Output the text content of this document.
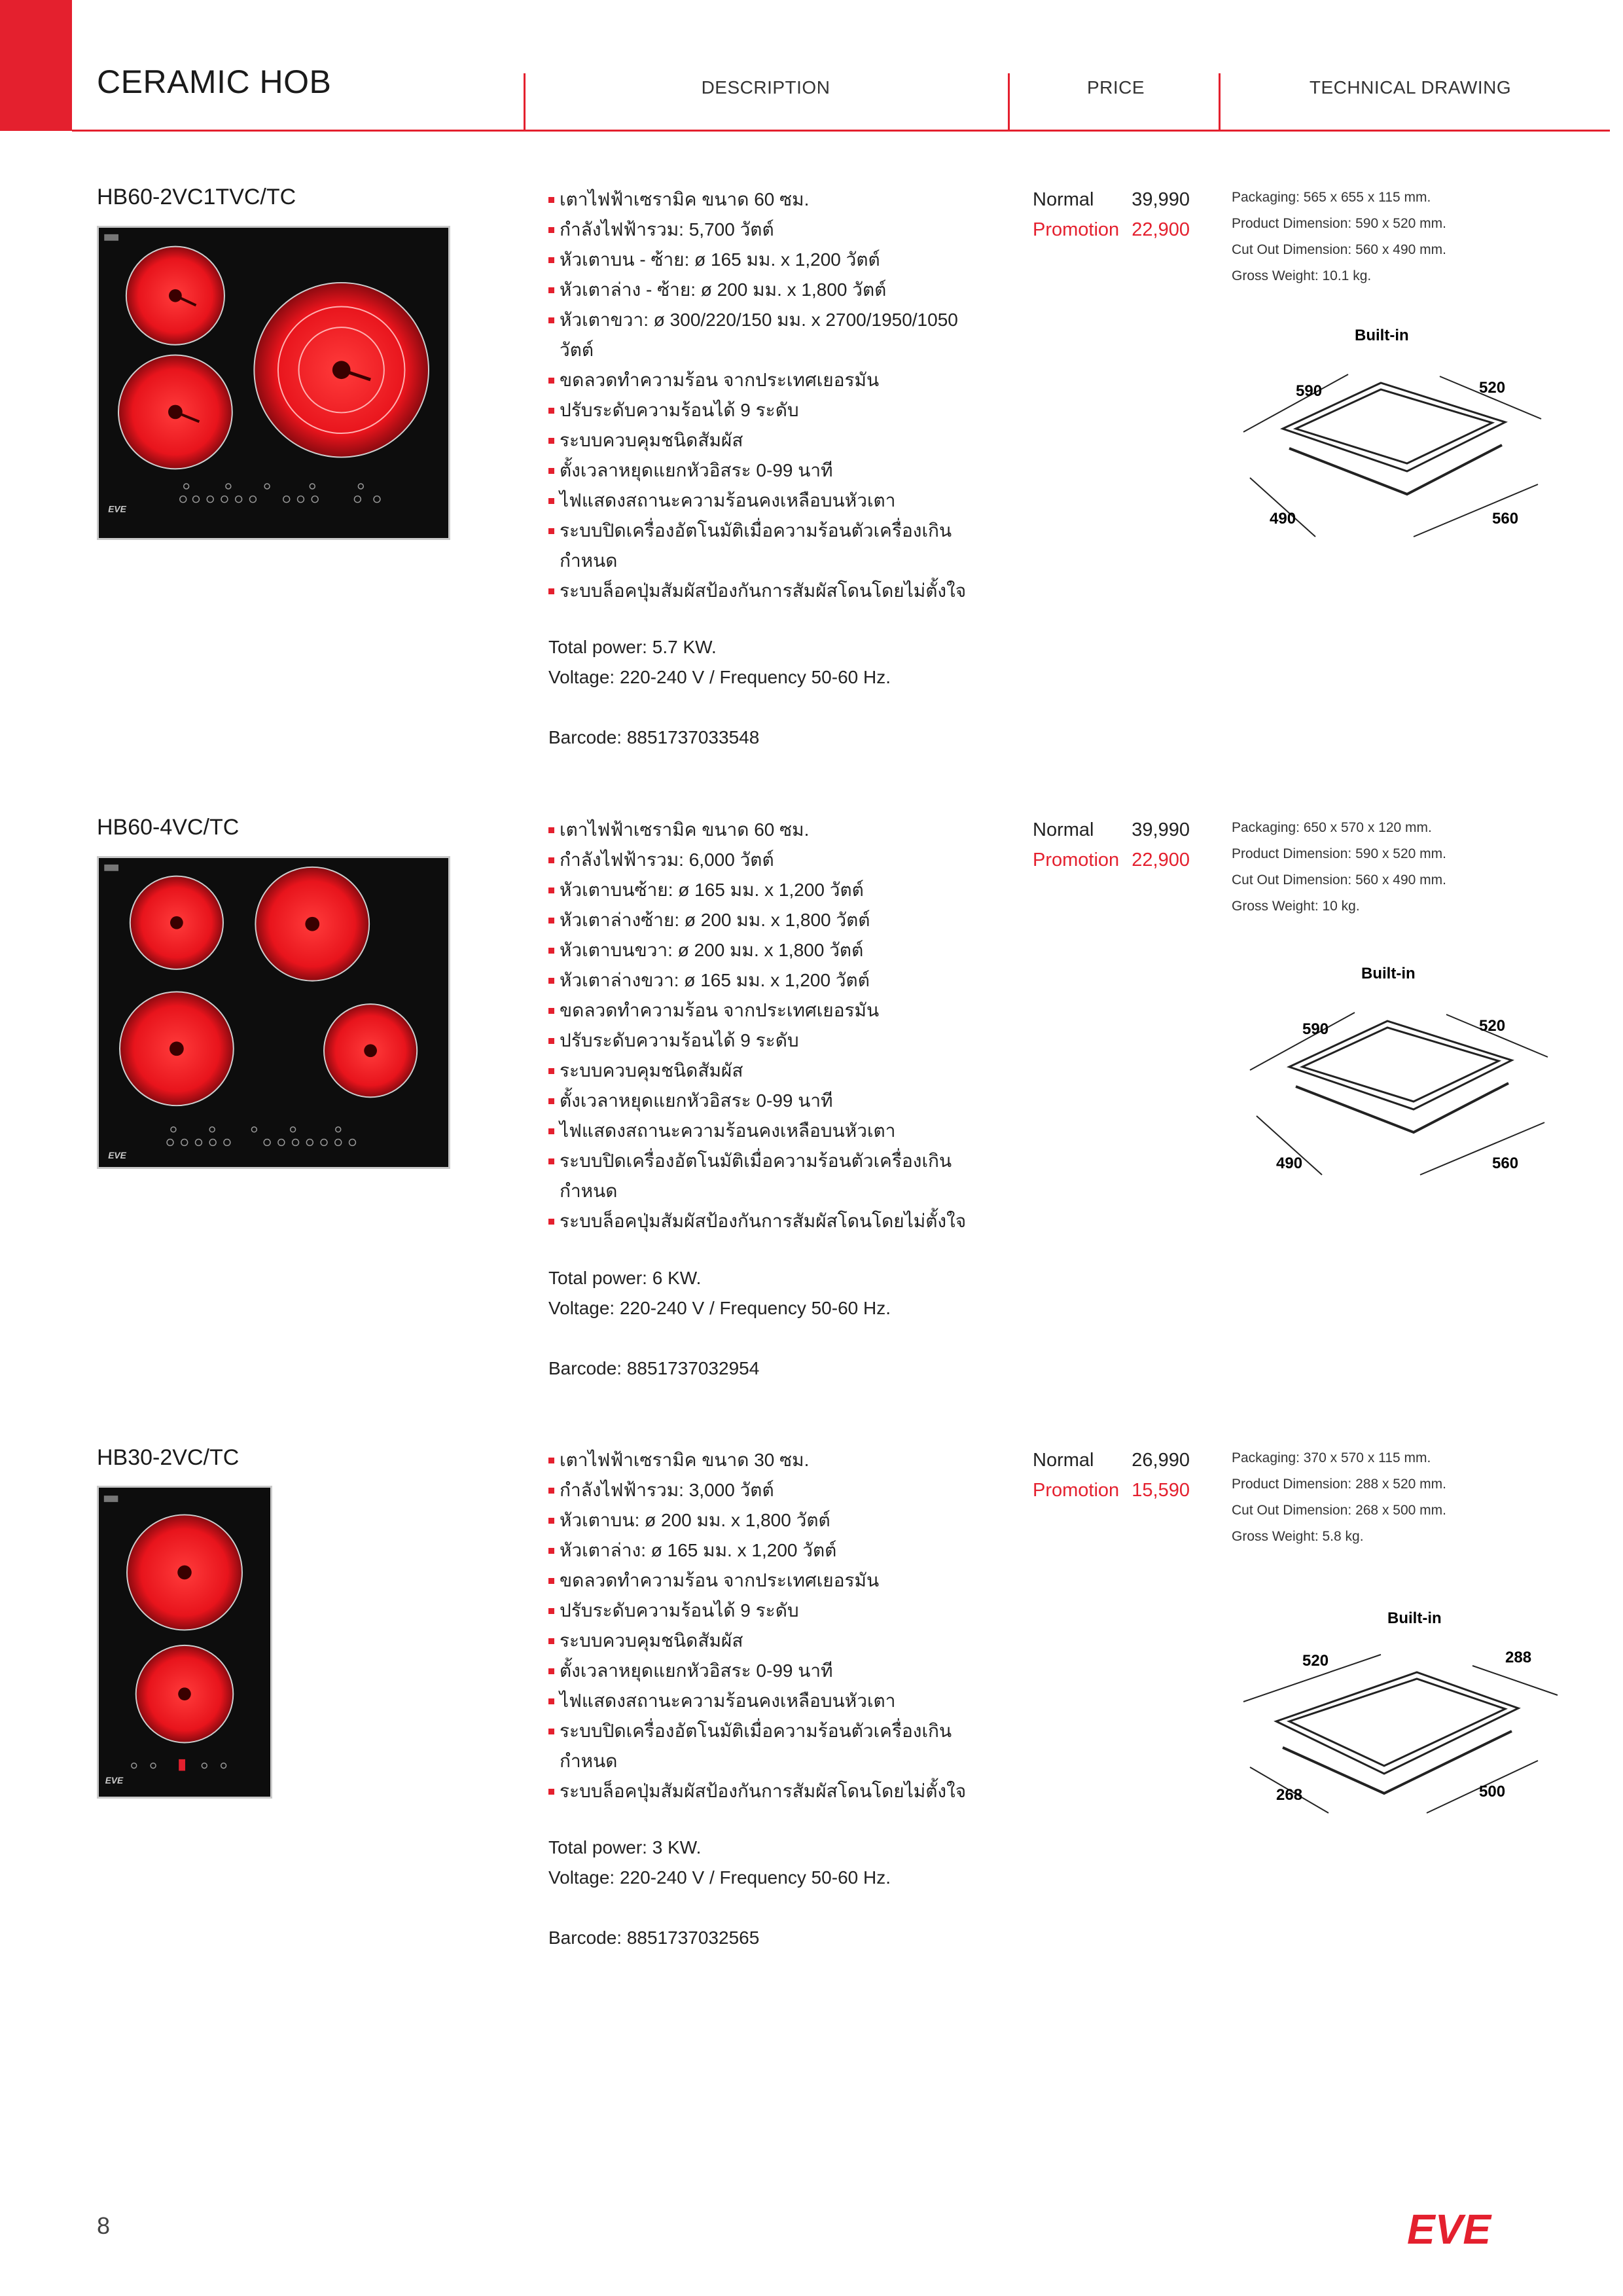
CERAMIC HOB	DESCRIPTION	PRICE	TECHNICAL DRAWING
HB60-2VC1TVC/TC
EVE
เตาไฟฟ้าเซรามิค ขนาด 60 ซม.
กำลังไฟฟ้ารวม: 5,700 วัตต์
หัวเตาบน - ซ้าย: ø 165 มม. x 1,200 วัตต์
หัวเตาล่าง - ซ้าย: ø 200 มม. x 1,800 วัตต์
หัวเตาขวา: ø 300/220/150 มม. x 2700/1950/1050 วัตต์
ขดลวดทำความร้อน จากประเทศเยอรมัน
ปรับระดับความร้อนได้ 9 ระดับ
ระบบควบคุมชนิดสัมผัส
ตั้งเวลาหยุดแยกหัวอิสระ 0-99 นาที
ไฟแสดงสถานะความร้อนคงเหลือบนหัวเตา
ระบบปิดเครื่องอัตโนมัติเมื่อความร้อนตัวเครื่องเกินกำหนด
ระบบล็อคปุ่มสัมผัสป้องกันการสัมผัสโดนโดยไม่ตั้งใจ
Total power: 5.7 KW.
Voltage: 220-240 V / Frequency 50-60 Hz.
Barcode: 8851737033548
Normal 39,990
Promotion 22,900
Packaging: 565 x 655 x 115 mm.
Product Dimension: 590 x 520 mm.
Cut Out Dimension: 560 x 490 mm.
Gross Weight: 10.1 kg.
Built-in
590	520
490	560
HB60-4VC/TC
EVE
เตาไฟฟ้าเซรามิค ขนาด 60 ซม.
กำลังไฟฟ้ารวม: 6,000 วัตต์
หัวเตาบนซ้าย: ø 165 มม. x 1,200 วัตต์
หัวเตาล่างซ้าย: ø 200 มม. x 1,800 วัตต์
หัวเตาบนขวา: ø 200 มม. x 1,800 วัตต์
หัวเตาล่างขวา: ø 165 มม. x 1,200 วัตต์
ขดลวดทำความร้อน จากประเทศเยอรมัน
ปรับระดับความร้อนได้ 9 ระดับ
ระบบควบคุมชนิดสัมผัส
ตั้งเวลาหยุดแยกหัวอิสระ 0-99 นาที
ไฟแสดงสถานะความร้อนคงเหลือบนหัวเตา
ระบบปิดเครื่องอัตโนมัติเมื่อความร้อนตัวเครื่องเกินกำหนด
ระบบล็อคปุ่มสัมผัสป้องกันการสัมผัสโดนโดยไม่ตั้งใจ
Total power: 6 KW.
Voltage: 220-240 V / Frequency 50-60 Hz.
Barcode: 8851737032954
Normal 39,990
Promotion 22,900
Packaging: 650 x 570 x 120 mm.
Product Dimension: 590 x 520 mm.
Cut Out Dimension: 560 x 490 mm.
Gross Weight: 10 kg.
Built-in
590	520
490	560
HB30-2VC/TC
EVE
เตาไฟฟ้าเซรามิค ขนาด 30 ซม.
กำลังไฟฟ้ารวม: 3,000 วัตต์
หัวเตาบน: ø 200 มม. x 1,800 วัตต์
หัวเตาล่าง: ø 165 มม. x 1,200 วัตต์
ขดลวดทำความร้อน จากประเทศเยอรมัน
ปรับระดับความร้อนได้ 9 ระดับ
ระบบควบคุมชนิดสัมผัส
ตั้งเวลาหยุดแยกหัวอิสระ 0-99 นาที
ไฟแสดงสถานะความร้อนคงเหลือบนหัวเตา
ระบบปิดเครื่องอัตโนมัติเมื่อความร้อนตัวเครื่องเกินกำหนด
ระบบล็อคปุ่มสัมผัสป้องกันการสัมผัสโดนโดยไม่ตั้งใจ
Total power: 3 KW.
Voltage: 220-240 V / Frequency 50-60 Hz.
Barcode: 8851737032565
Normal 26,990
Promotion 15,590
Packaging: 370 x 570 x 115 mm.
Product Dimension: 288 x 520 mm.
Cut Out Dimension: 268 x 500 mm.
Gross Weight: 5.8 kg.
Built-in
520	288
268	500
8	EVE
